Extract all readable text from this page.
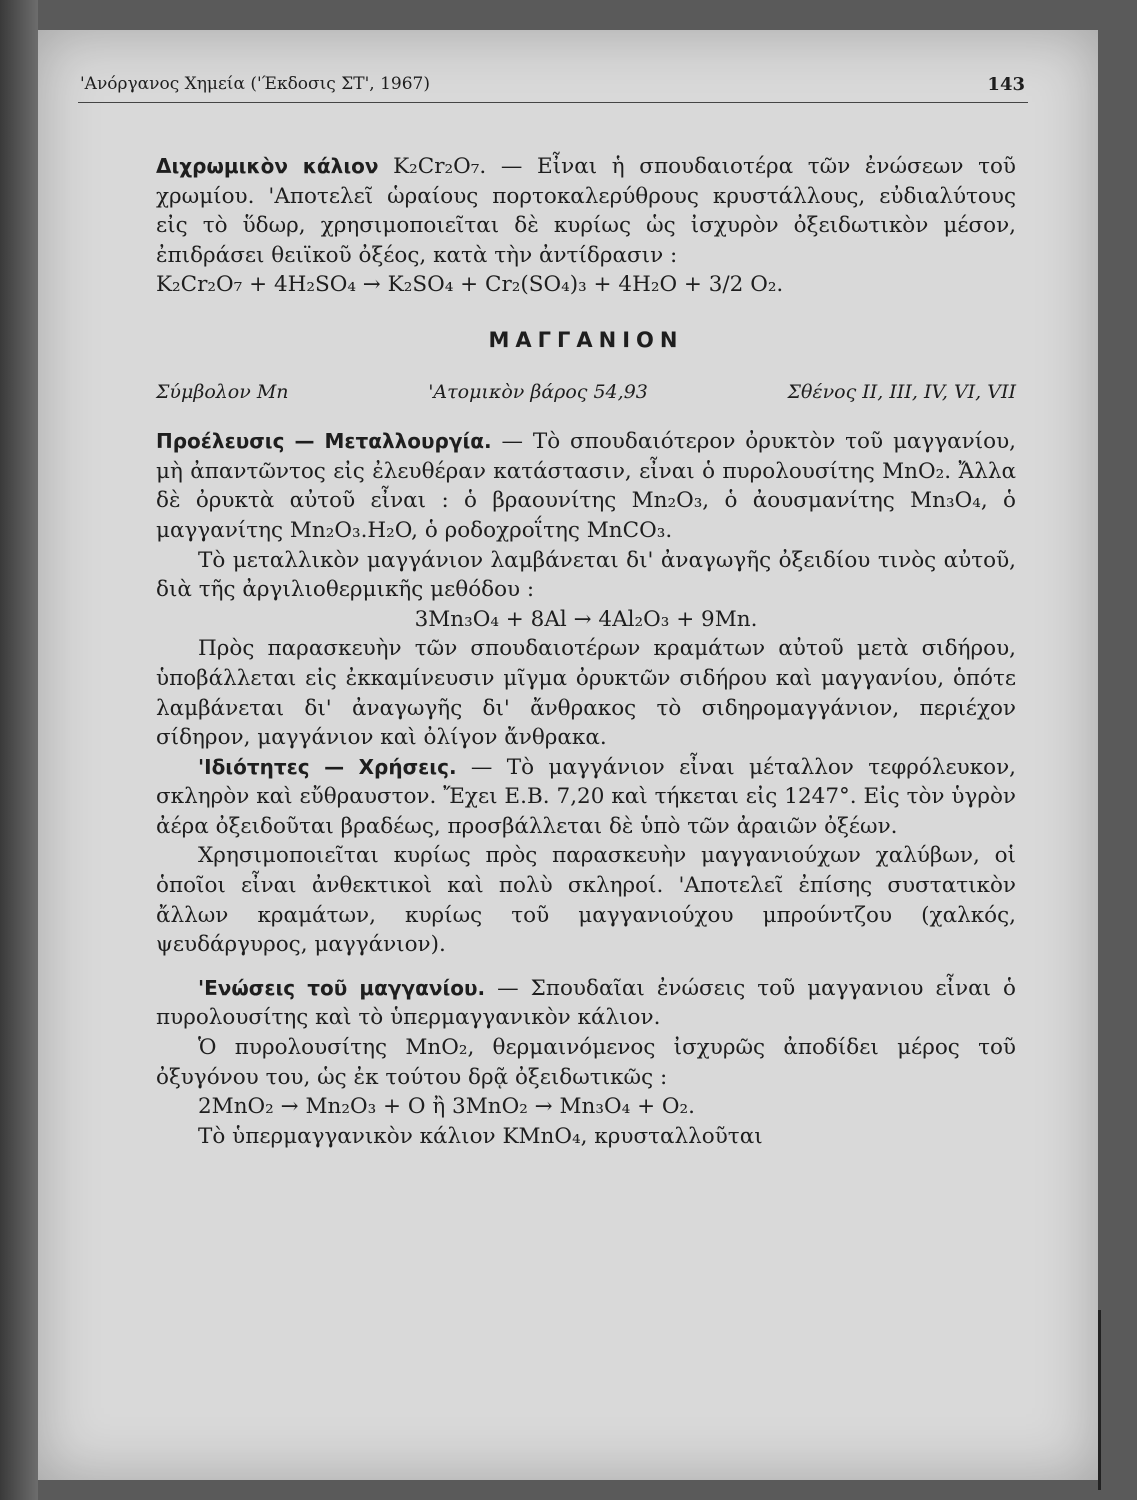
'Ανόργανος Χημεία ('Έκδοσις ΣΤ', 1967)	143

Διχρωμικὸν κάλιον K₂Cr₂O₇. — Εἶναι ἡ σπουδαιοτέρα τῶν ἐνώσεων τοῦ χρωμίου. 'Αποτελεῖ ὡραίους πορτοκαλερύθρους κρυστάλλους, εὐδιαλύτους εἰς τὸ ὕδωρ, χρησιμοποιεῖται δὲ κυρίως ὡς ἰσχυρὸν ὀξειδωτικὸν μέσον, ἐπιδράσει θειϊκοῦ ὀξέος, κατὰ τὴν ἀντίδρασιν :

K₂Cr₂O₇ + 4H₂SO₄ → K₂SO₄ + Cr₂(SO₄)₃ + 4H₂O + 3/2 O₂.

ΜΑΓΓΑΝΙΟΝ
Σύμβολον Mn	'Ατομικὸν βάρος 54,93	Σθένος II, III, IV, VI, VII

Προέλευσις — Μεταλλουργία. — Τὸ σπουδαιότερον ὀρυκτὸν τοῦ μαγγανίου, μὴ ἀπαντῶντος εἰς ἐλευθέραν κατάστασιν, εἶναι ὁ πυρολουσίτης MnO₂. Ἄλλα δὲ ὀρυκτὰ αὐτοῦ εἶναι : ὁ βραουνίτης Mn₂O₃, ὁ ἀουσμανίτης Mn₃O₄, ὁ μαγγανίτης Mn₂O₃.H₂O, ὁ ροδοχροΐτης MnCO₃.

Τὸ μεταλλικὸν μαγγάνιον λαμβάνεται δι' ἀναγωγῆς ὀξειδίου τινὸς αὐτοῦ, διὰ τῆς ἀργιλιοθερμικῆς μεθόδου :

3Mn₃O₄ + 8Al → 4Al₂O₃ + 9Mn.

Πρὸς παρασκευὴν τῶν σπουδαιοτέρων κραμάτων αὐτοῦ μετὰ σιδήρου, ὑποβάλλεται εἰς ἐκκαμίνευσιν μῖγμα ὀρυκτῶν σιδήρου καὶ μαγγανίου, ὁπότε λαμβάνεται δι' ἀναγωγῆς δι' ἄνθρακος τὸ σιδηρομαγγάνιον, περιέχον σίδηρον, μαγγάνιον καὶ ὀλίγον ἄνθρακα.

'Ιδιότητες — Χρήσεις. — Τὸ μαγγάνιον εἶναι μέταλλον τεφρόλευκον, σκληρὸν καὶ εὔθραυστον. Ἔχει Ε.Β. 7,20 καὶ τήκεται εἰς 1247°. Εἰς τὸν ὑγρὸν ἀέρα ὀξειδοῦται βραδέως, προσβάλλεται δὲ ὑπὸ τῶν ἀραιῶν ὀξέων.

Χρησιμοποιεῖται κυρίως πρὸς παρασκευὴν μαγγανιούχων χαλύβων, οἱ ὁποῖοι εἶναι ἀνθεκτικοὶ καὶ πολὺ σκληροί. 'Αποτελεῖ ἐπίσης συστατικὸν ἄλλων κραμάτων, κυρίως τοῦ μαγγανιούχου μπρούντζου (χαλκός, ψευδάργυρος, μαγγάνιον).

'Ενώσεις τοῦ μαγγανίου. — Σπουδαῖαι ἐνώσεις τοῦ μαγγανιου εἶναι ὁ πυρολουσίτης καὶ τὸ ὑπερμαγγανικὸν κάλιον.

Ὁ πυρολουσίτης MnO₂, θερμαινόμενος ἰσχυρῶς ἀποδίδει μέρος τοῦ ὀξυγόνου του, ὡς ἐκ τούτου δρᾷ ὀξειδωτικῶς :

2MnO₂ → Mn₂O₃ + O ἢ 3MnO₂ → Mn₃O₄ + O₂.

Τὸ ὑπερμαγγανικὸν κάλιον KMnO₄, κρυσταλλοῦται
